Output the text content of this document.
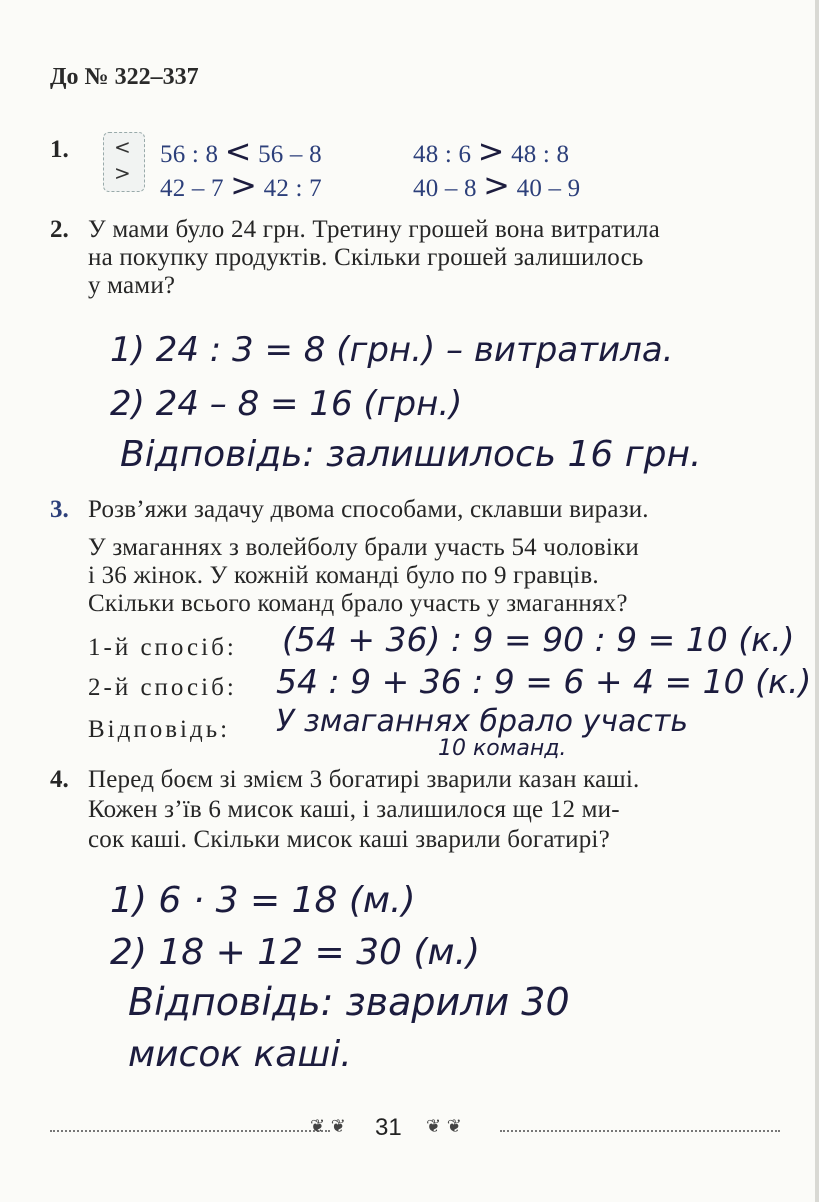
До № 322–337
1. <
>
56 : 8 < 56 – 8	48 : 6 > 48 : 8
42 – 7 > 42 : 7	40 – 8 > 40 – 9
2. У мами було 24 грн. Третину грошей вона витратила
на покупку продуктів. Скільки грошей залишилось
у мами?
1) 24 : 3 = 8 (грн.) – витратила.
2) 24 – 8 = 16 (грн.)
Відповідь: залишилось 16 грн.
3. Розв’яжи задачу двома способами, склавши вирази.
У змаганнях з волейболу брали участь 54 чоловіки
і 36 жінок. У кожній команді було по 9 гравців.
Скільки всього команд брало участь у змаганнях?
1-й спосіб: (54 + 36) : 9 = 90 : 9 = 10 (к.)
2-й спосіб: 54 : 9 + 36 : 9 = 6 + 4 = 10 (к.)
Відповідь: У змаганнях брало участь
10 команд.
4. Перед боєм зі змієм 3 богатирі зварили казан каші.
Кожен з’їв 6 мисок каші, і залишилося ще 12 ми-
сок каші. Скільки мисок каші зварили богатирі?
1) 6 · 3 = 18 (м.)
2) 18 + 12 = 30 (м.)
Відповідь: зварили 30
мисок каші.
❦ ❦ 31 ❦ ❦
